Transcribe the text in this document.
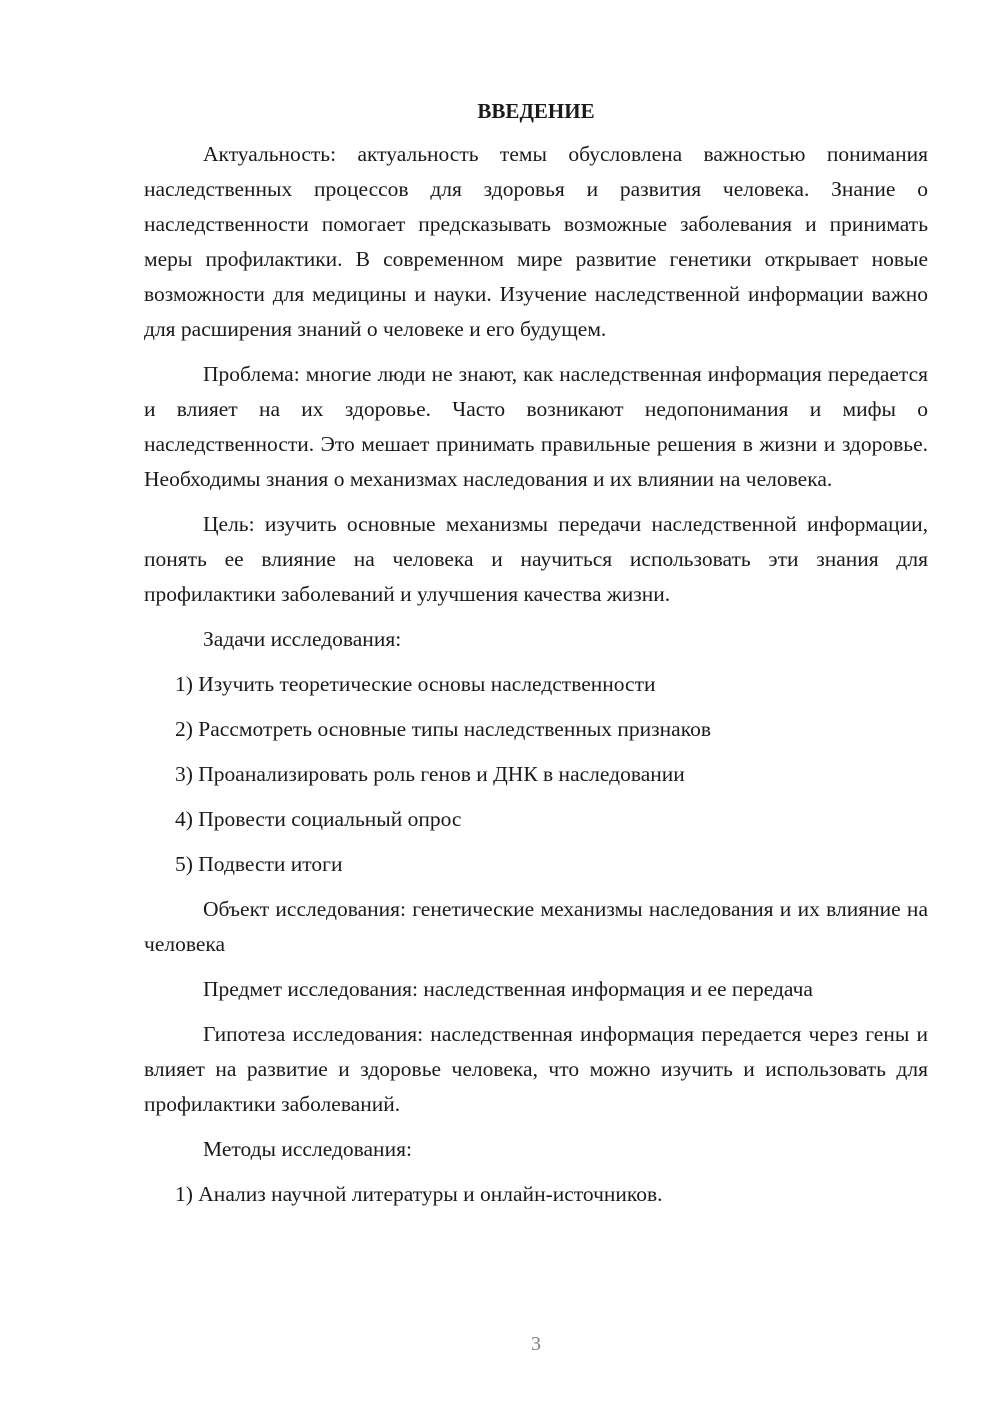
ВВЕДЕНИЕ

Актуальность: актуальность темы обусловлена важностью понимания наследственных процессов для здоровья и развития человека. Знание о наследственности помогает предсказывать возможные заболевания и принимать меры профилактики. В современном мире развитие генетики открывает новые возможности для медицины и науки. Изучение наследственной информации важно для расширения знаний о человеке и его будущем.

Проблема: многие люди не знают, как наследственная информация передается и влияет на их здоровье. Часто возникают недопонимания и мифы о наследственности. Это мешает принимать правильные решения в жизни и здоровье. Необходимы знания о механизмах наследования и их влиянии на человека.

Цель: изучить основные механизмы передачи наследственной информации, понять ее влияние на человека и научиться использовать эти знания для профилактики заболеваний и улучшения качества жизни.

Задачи исследования:

1) Изучить теоретические основы наследственности
2) Рассмотреть основные типы наследственных признаков
3) Проанализировать роль генов и ДНК в наследовании
4) Провести социальный опрос
5) Подвести итоги

Объект исследования: генетические механизмы наследования и их влияние на человека

Предмет исследования: наследственная информация и ее передача

Гипотеза исследования: наследственная информация передается через гены и влияет на развитие и здоровье человека, что можно изучить и использовать для профилактики заболеваний.

Методы исследования:

1) Анализ научной литературы и онлайн-источников.
3
